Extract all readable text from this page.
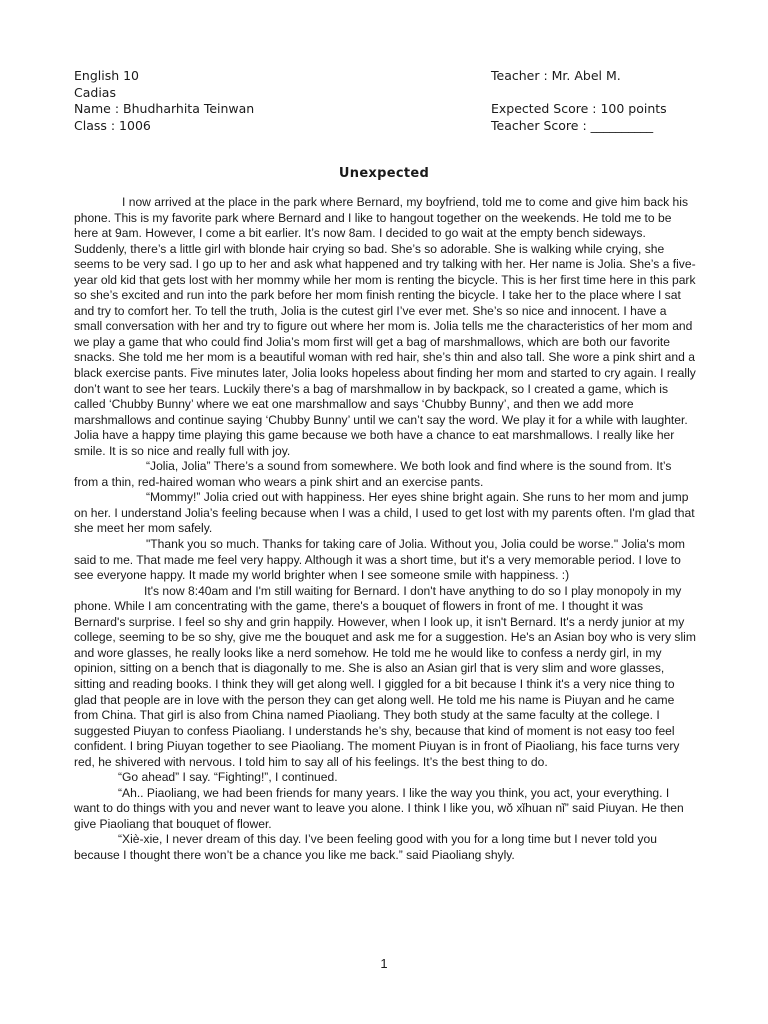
English 10
Cadias
Name : Bhudharhita Teinwan
Class : 1006
Teacher : Mr. Abel M.
Expected Score : 100 points
Teacher Score : __________
Unexpected

I now arrived at the place in the park where Bernard, my boyfriend, told me to come and give him back his phone. This is my favorite park where Bernard and I like to hangout together on the weekends. He told me to be here at 9am. However, I come a bit earlier. It’s now 8am. I decided to go wait at the empty bench sideways. Suddenly, there’s a little girl with blonde hair crying so bad. She’s so adorable. She is walking while crying, she seems to be very sad. I go up to her and ask what happened and try talking with her. Her name is Jolia. She’s a five-year old kid that gets lost with her mommy while her mom is renting the bicycle. This is her first time here in this park so she’s excited and run into the park before her mom finish renting the bicycle. I take her to the place where I sat and try to comfort her. To tell the truth, Jolia is the cutest girl I’ve ever met. She’s so nice and innocent. I have a small conversation with her and try to figure out where her mom is. Jolia tells me the characteristics of her mom and we play a game that who could find Jolia’s mom first will get a bag of marshmallows, which are both our favorite snacks. She told me her mom is a beautiful woman with red hair, she’s thin and also tall. She wore a pink shirt and a black exercise pants. Five minutes later, Jolia looks hopeless about finding her mom and started to cry again. I really don’t want to see her tears. Luckily there’s a bag of marshmallow in by backpack, so I created a game, which is called ‘Chubby Bunny’ where we eat one marshmallow and says ‘Chubby Bunny’, and then we add more marshmallows and continue saying ‘Chubby Bunny’ until we can’t say the word. We play it for a while with laughter. Jolia have a happy time playing this game because we both have a chance to eat marshmallows. I really like her smile. It is so nice and really full with joy.

“Jolia, Jolia” There’s a sound from somewhere. We both look and find where is the sound from. It’s from a thin, red-haired woman who wears a pink shirt and an exercise pants.

“Mommy!” Jolia cried out with happiness. Her eyes shine bright again. She runs to her mom and jump on her. I understand Jolia’s feeling because when I was a child, I used to get lost with my parents often. I'm glad that she meet her mom safely.

"Thank you so much. Thanks for taking care of Jolia. Without you, Jolia could be worse." Jolia's mom said to me. That made me feel very happy. Although it was a short time, but it's a very memorable period. I love to see everyone happy. It made my world brighter when I see someone smile with happiness. :)

It's now 8:40am and I'm still waiting for Bernard. I don't have anything to do so I play monopoly in my phone. While I am concentrating with the game, there's a bouquet of flowers in front of me. I thought it was Bernard's surprise. I feel so shy and grin happily. However, when I look up, it isn't Bernard. It's a nerdy junior at my college, seeming to be so shy, give me the bouquet and ask me for a suggestion. He's an Asian boy who is very slim and wore glasses, he really looks like a nerd somehow. He told me he would like to confess a nerdy girl, in my opinion, sitting on a bench that is diagonally to me. She is also an Asian girl that is very slim and wore glasses, sitting and reading books. I think they will get along well. I giggled for a bit because I think it's a very nice thing to glad that people are in love with the person they can get along well. He told me his name is Piuyan and he came from China. That girl is also from China named Piaoliang. They both study at the same faculty at the college. I suggested Piuyan to confess Piaoliang. I understands he’s shy, because that kind of moment is not easy too feel confident. I bring Piuyan together to see Piaoliang. The moment Piuyan is in front of Piaoliang, his face turns very red, he shivered with nervous. I told him to say all of his feelings. It’s the best thing to do.

“Go ahead” I say. “Fighting!”, I continued.

“Ah.. Piaoliang, we had been friends for many years. I like the way you think, you act, your everything. I want to do things with you and never want to leave you alone. I think I like you, wǒ xǐhuan nǐ” said Piuyan. He then give Piaoliang that bouquet of flower.

“Xiè-xie, I never dream of this day. I’ve been feeling good with you for a long time but I never told you because I thought there won’t be a chance you like me back.” said Piaoliang shyly.

1
